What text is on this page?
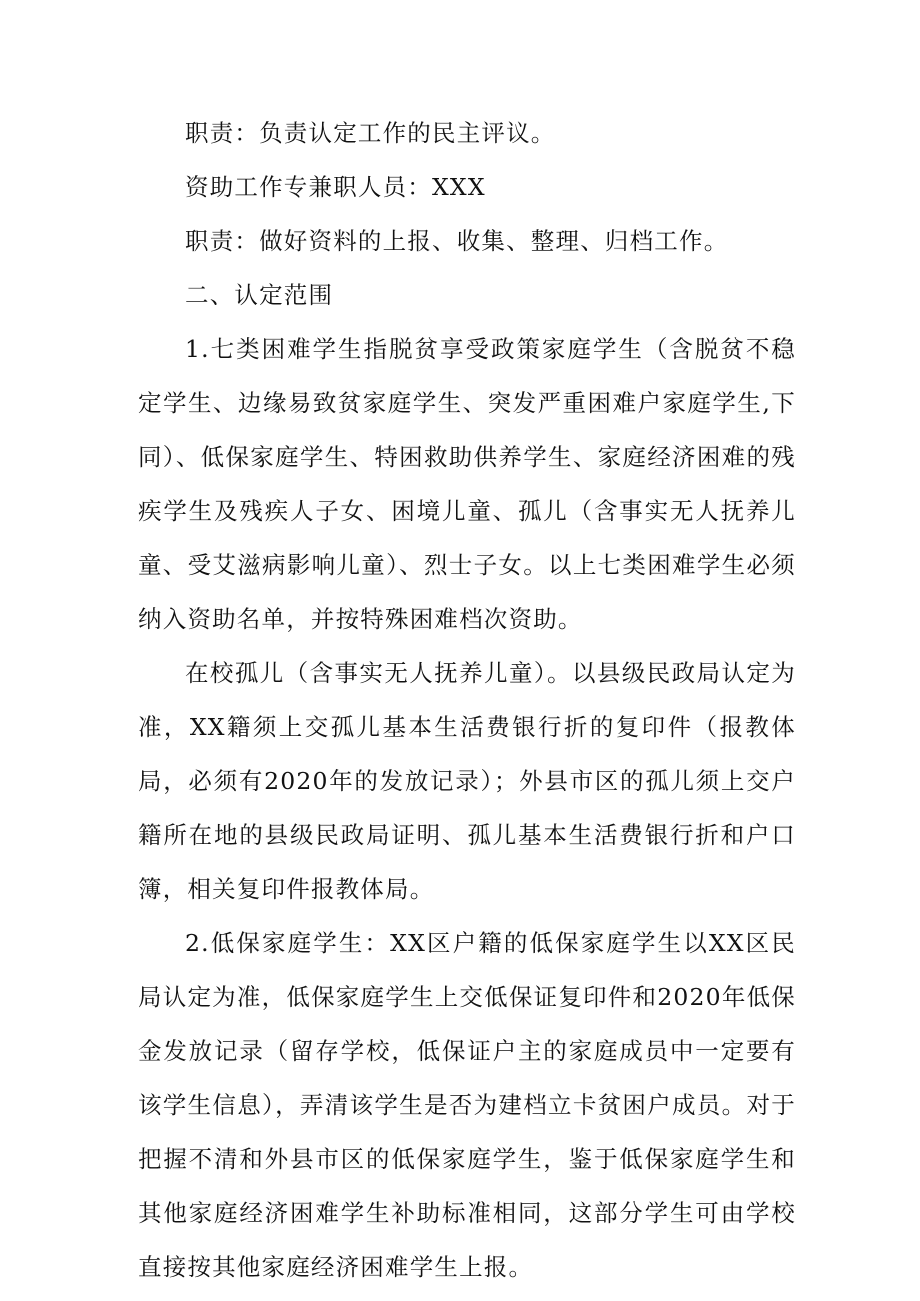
职责：负责认定工作的民主评议。

资助工作专兼职人员：XXX

职责：做好资料的上报、收集、整理、归档工作。

二、认定范围

1.七类困难学生指脱贫享受政策家庭学生（含脱贫不稳定学生、边缘易致贫家庭学生、突发严重困难户家庭学生,下同）、低保家庭学生、特困救助供养学生、家庭经济困难的残疾学生及残疾人子女、困境儿童、孤儿（含事实无人抚养儿童、受艾滋病影响儿童）、烈士子女。以上七类困难学生必须纳入资助名单，并按特殊困难档次资助。

在校孤儿（含事实无人抚养儿童）。以县级民政局认定为准，XX籍须上交孤儿基本生活费银行折的复印件（报教体局，必须有2020年的发放记录）；外县市区的孤儿须上交户籍所在地的县级民政局证明、孤儿基本生活费银行折和户口簿，相关复印件报教体局。

2.低保家庭学生：XX区户籍的低保家庭学生以XX区民局认定为准，低保家庭学生上交低保证复印件和2020年低保金发放记录（留存学校，低保证户主的家庭成员中一定要有该学生信息），弄清该学生是否为建档立卡贫困户成员。对于把握不清和外县市区的低保家庭学生，鉴于低保家庭学生和其他家庭经济困难学生补助标准相同，这部分学生可由学校直接按其他家庭经济困难学生上报。
